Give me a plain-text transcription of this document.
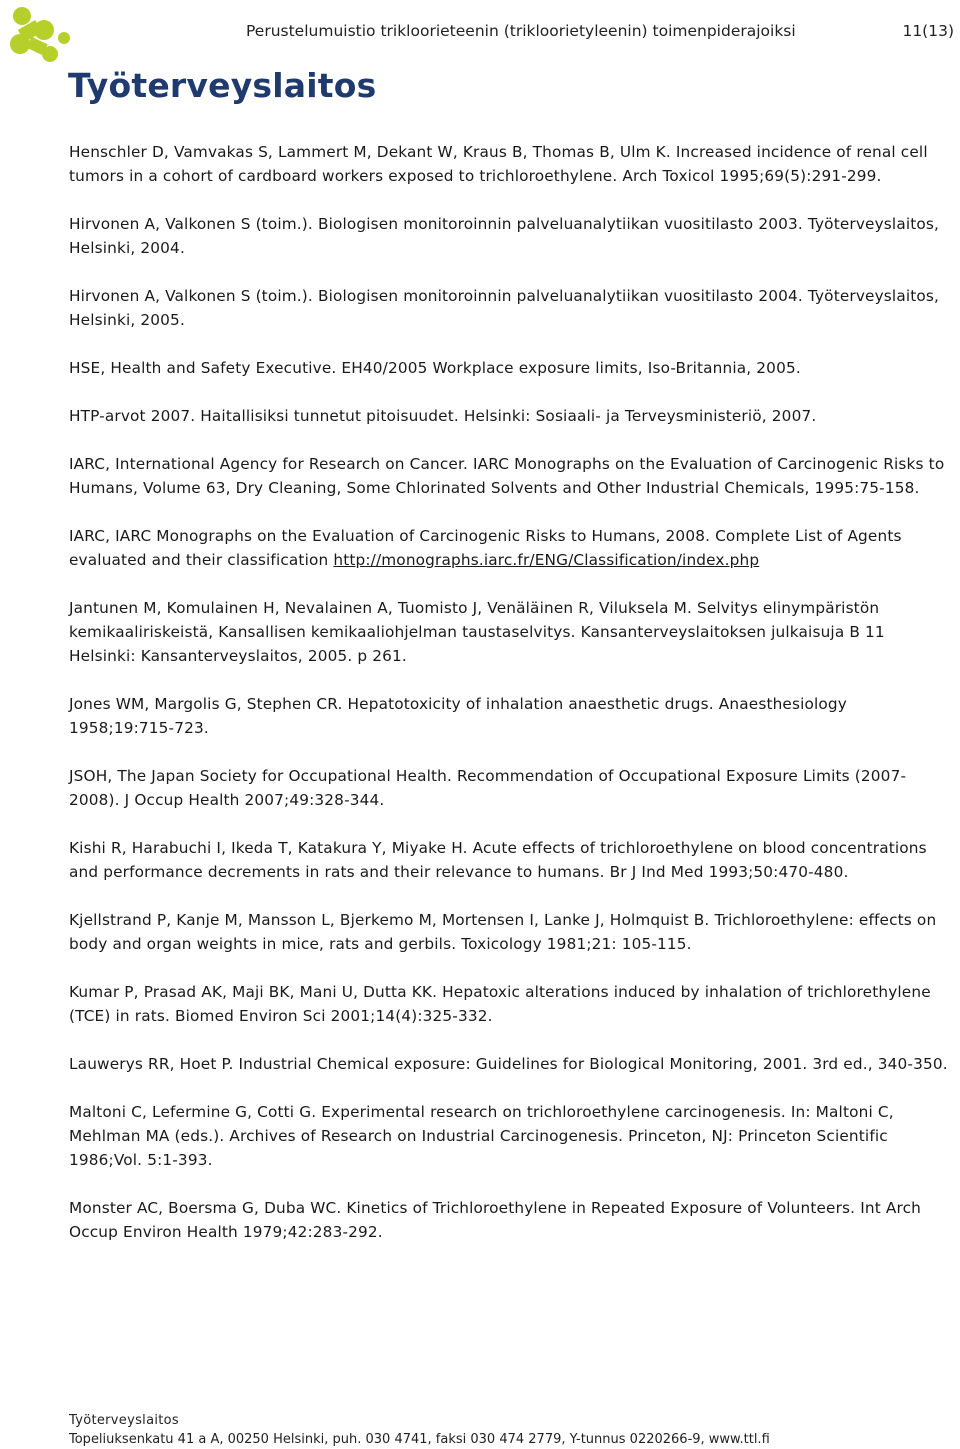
Työterveyslaitos
Perustelumuistio trikloorieteenin (trikloorietyleenin) toimenpiderajoiksi	11(13)

Henschler D, Vamvakas S, Lammert M, Dekant W, Kraus B, Thomas B, Ulm K. Increased incidence of renal cell tumors in a cohort of cardboard workers exposed to trichloroethylene. Arch Toxicol 1995;69(5):291-299.

Hirvonen A, Valkonen S (toim.). Biologisen monitoroinnin palveluanalytiikan vuositilasto 2003. Työterveyslaitos, Helsinki, 2004.

Hirvonen A, Valkonen S (toim.). Biologisen monitoroinnin palveluanalytiikan vuositilasto 2004. Työterveyslaitos, Helsinki, 2005.

HSE, Health and Safety Executive. EH40/2005 Workplace exposure limits, Iso-Britannia, 2005.

HTP-arvot 2007. Haitallisiksi tunnetut pitoisuudet. Helsinki: Sosiaali- ja Terveysministeriö, 2007.

IARC, International Agency for Research on Cancer. IARC Monographs on the Evaluation of Carcinogenic Risks to Humans, Volume 63, Dry Cleaning, Some Chlorinated Solvents and Other Industrial Chemicals, 1995:75-158.

IARC, IARC Monographs on the Evaluation of Carcinogenic Risks to Humans, 2008. Complete List of Agents evaluated and their classification http://monographs.iarc.fr/ENG/Classification/index.php

Jantunen M, Komulainen H, Nevalainen A, Tuomisto J, Venäläinen R, Viluksela M. Selvitys elinympäristön kemikaaliriskeistä, Kansallisen kemikaaliohjelman taustaselvitys. Kansanterveyslaitoksen julkaisuja B 11 Helsinki: Kansanterveyslaitos, 2005. p 261.

Jones WM, Margolis G, Stephen CR. Hepatotoxicity of inhalation anaesthetic drugs. Anaesthesiology 1958;19:715-723.

JSOH, The Japan Society for Occupational Health. Recommendation of Occupational Exposure Limits (2007-2008). J Occup Health 2007;49:328-344.

Kishi R, Harabuchi I, Ikeda T, Katakura Y, Miyake H. Acute effects of trichloroethylene on blood concentrations and performance decrements in rats and their relevance to humans. Br J Ind Med 1993;50:470-480.

Kjellstrand P, Kanje M, Mansson L, Bjerkemo M, Mortensen I, Lanke J, Holmquist B. Trichloroethylene: effects on body and organ weights in mice, rats and gerbils. Toxicology 1981;21: 105-115.

Kumar P, Prasad AK, Maji BK, Mani U, Dutta KK. Hepatoxic alterations induced by inhalation of trichlorethylene (TCE) in rats. Biomed Environ Sci 2001;14(4):325-332.

Lauwerys RR, Hoet P. Industrial Chemical exposure: Guidelines for Biological Monitoring, 2001. 3rd ed., 340-350.

Maltoni C, Lefermine G, Cotti G. Experimental research on trichloroethylene carcinogenesis. In: Maltoni C, Mehlman MA (eds.). Archives of Research on Industrial Carcinogenesis. Princeton, NJ: Princeton Scientific 1986;Vol. 5:1-393.

Monster AC, Boersma G, Duba WC. Kinetics of Trichloroethylene in Repeated Exposure of Volunteers. Int Arch Occup Environ Health 1979;42:283-292.

Työterveyslaitos
Topeliuksenkatu 41 a A, 00250 Helsinki, puh. 030 4741, faksi 030 474 2779, Y-tunnus 0220266-9, www.ttl.fi
